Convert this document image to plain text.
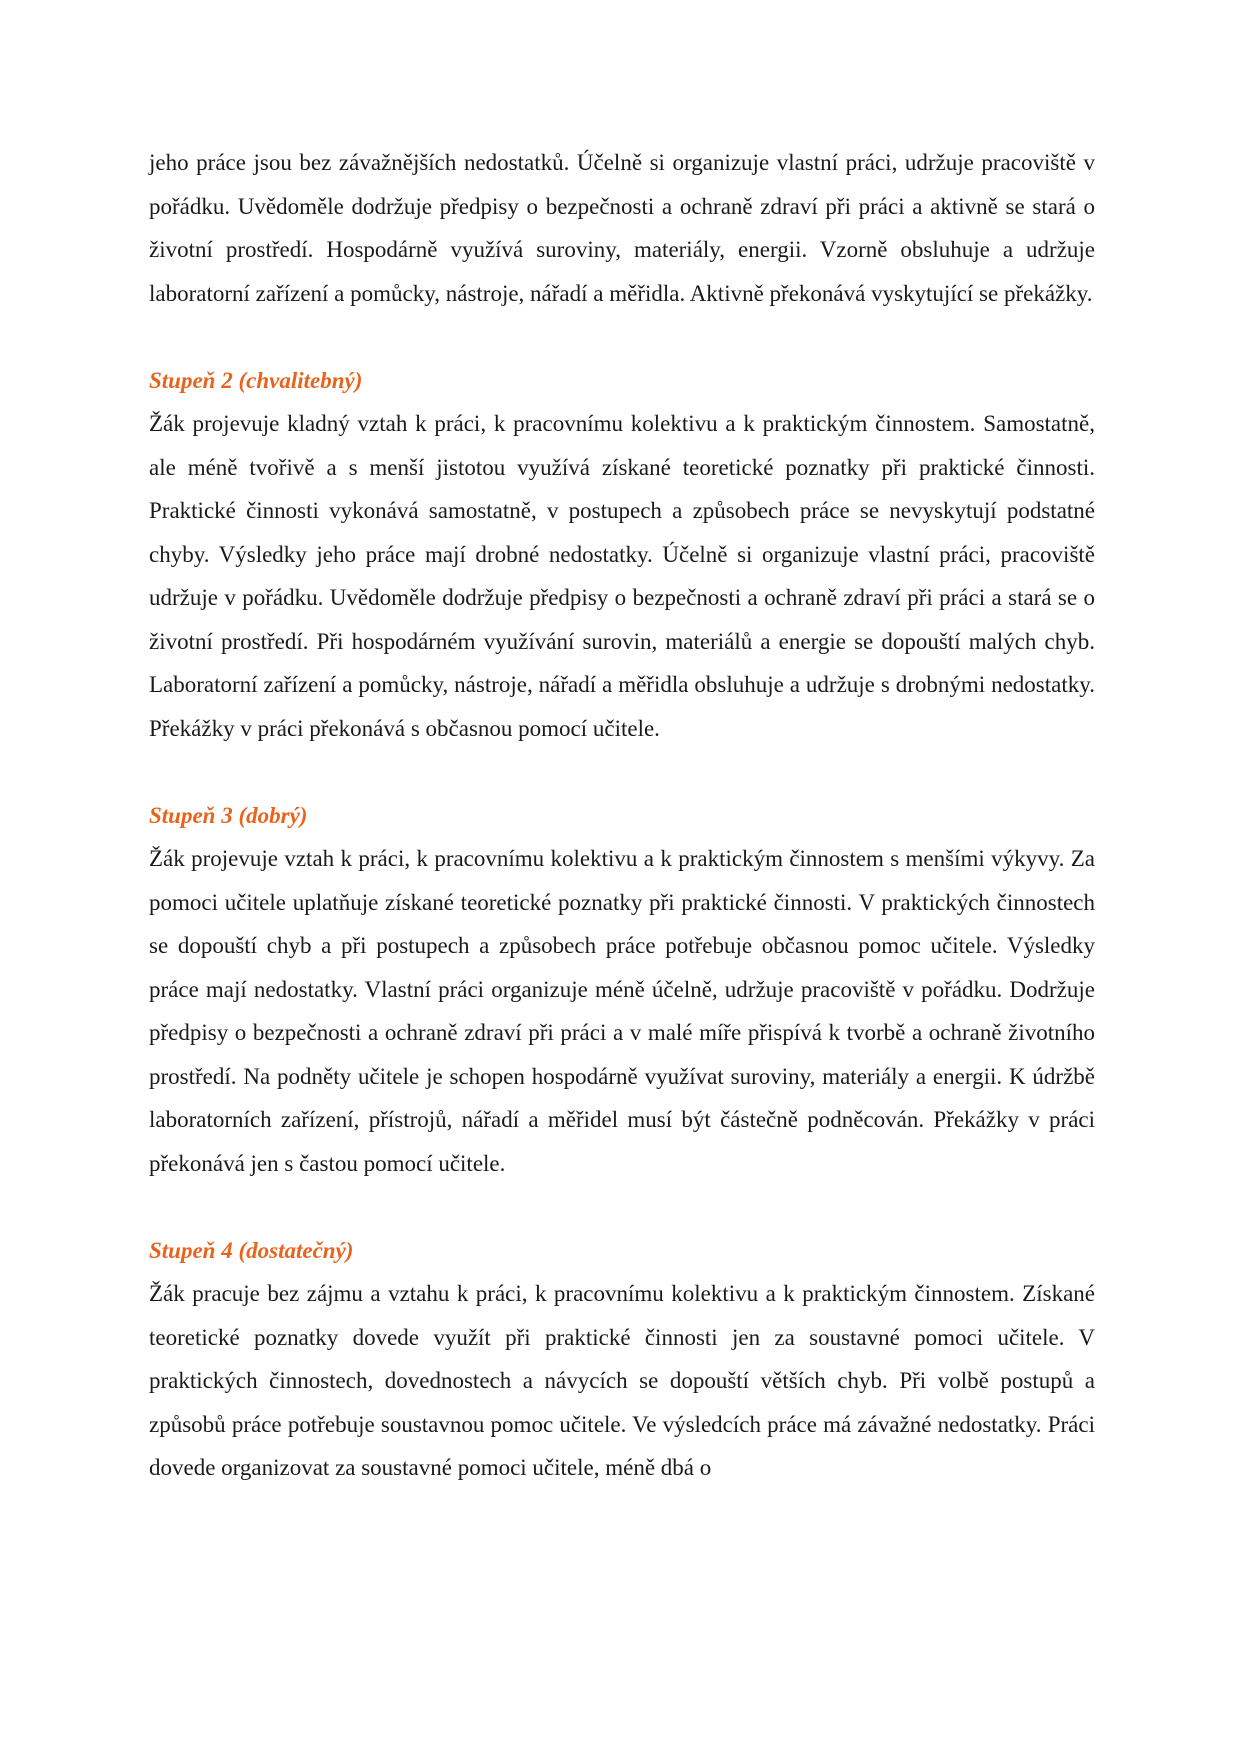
jeho práce jsou bez závažnějších nedostatků. Účelně si organizuje vlastní práci, udržuje pracoviště v pořádku. Uvědoměle dodržuje předpisy o bezpečnosti a ochraně zdraví při práci a aktivně se stará o životní prostředí. Hospodárně využívá suroviny, materiály, energii. Vzorně obsluhuje a udržuje laboratorní zařízení a pomůcky, nástroje, nářadí a měřidla. Aktivně překonává vyskytující se překážky.

Stupeň 2 (chvalitebný)

Žák projevuje kladný vztah k práci, k pracovnímu kolektivu a k praktickým činnostem. Samostatně, ale méně tvořivě a s menší jistotou využívá získané teoretické poznatky při praktické činnosti. Praktické činnosti vykonává samostatně, v postupech a způsobech práce se nevyskytují podstatné chyby. Výsledky jeho práce mají drobné nedostatky. Účelně si organizuje vlastní práci, pracoviště udržuje v pořádku. Uvědoměle dodržuje předpisy o bezpečnosti a ochraně zdraví při práci a stará se o životní prostředí. Při hospodárném využívání surovin, materiálů a energie se dopouští malých chyb. Laboratorní zařízení a pomůcky, nástroje, nářadí a měřidla obsluhuje a udržuje s drobnými nedostatky. Překážky v práci překonává s občasnou pomocí učitele.

Stupeň 3 (dobrý)

Žák projevuje vztah k práci, k pracovnímu kolektivu a k praktickým činnostem s menšími výkyvy. Za pomoci učitele uplatňuje získané teoretické poznatky při praktické činnosti. V praktických činnostech se dopouští chyb a při postupech a způsobech práce potřebuje občasnou pomoc učitele. Výsledky práce mají nedostatky. Vlastní práci organizuje méně účelně, udržuje pracoviště v pořádku. Dodržuje předpisy o bezpečnosti a ochraně zdraví při práci a v malé míře přispívá k tvorbě a ochraně životního prostředí. Na podněty učitele je schopen hospodárně využívat suroviny, materiály a energii. K údržbě laboratorních zařízení, přístrojů, nářadí a měřidel musí být částečně podněcován. Překážky v práci překonává jen s častou pomocí učitele.

Stupeň 4 (dostatečný)

Žák pracuje bez zájmu a vztahu k práci, k pracovnímu kolektivu a k praktickým činnostem. Získané teoretické poznatky dovede využít při praktické činnosti jen za soustavné pomoci učitele. V praktických činnostech, dovednostech a návycích se dopouští větších chyb. Při volbě postupů a způsobů práce potřebuje soustavnou pomoc učitele. Ve výsledcích práce má závažné nedostatky. Práci dovede organizovat za soustavné pomoci učitele, méně dbá o
